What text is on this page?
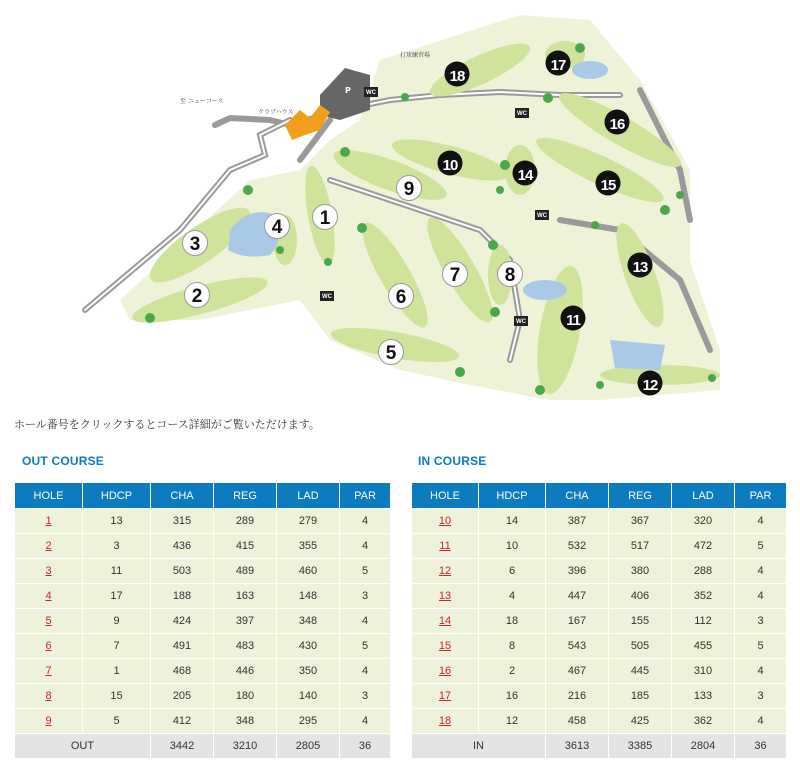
P
クラブハウス
至 ニューコース
打球練習場
WC
WC
WC
WC
WC
1
2
3
4
5
6
7 8
9
10
11
12
13
14
15
16
17
18
ホール番号をクリックするとコース詳細がご覧いただけます。
OUT COURSE	IN COURSE
HOLE	HDCP	CHA	REG	LAD	PAR
1	13	315	289	279	4
2	3	436	415	355	4
3	11	503	489	460	5
4	17	188	163	148	3
5	9	424	397	348	4
6	7	491	483	430	5
7	1	468	446	350	4
8	15	205	180	140	3
9	5	412	348	295	4
OUT		3442	3210	2805	36
HOLE	HDCP	CHA	REG	LAD	PAR
10	14	387	367	320	4
11	10	532	517	472	5
12	6	396	380	288	4
13	4	447	406	352	4
14	18	167	155	112	3
15	8	543	505	455	5
16	2	467	445	310	4
17	16	216	185	133	3
18	12	458	425	362	4
IN		3613	3385	2804	36
